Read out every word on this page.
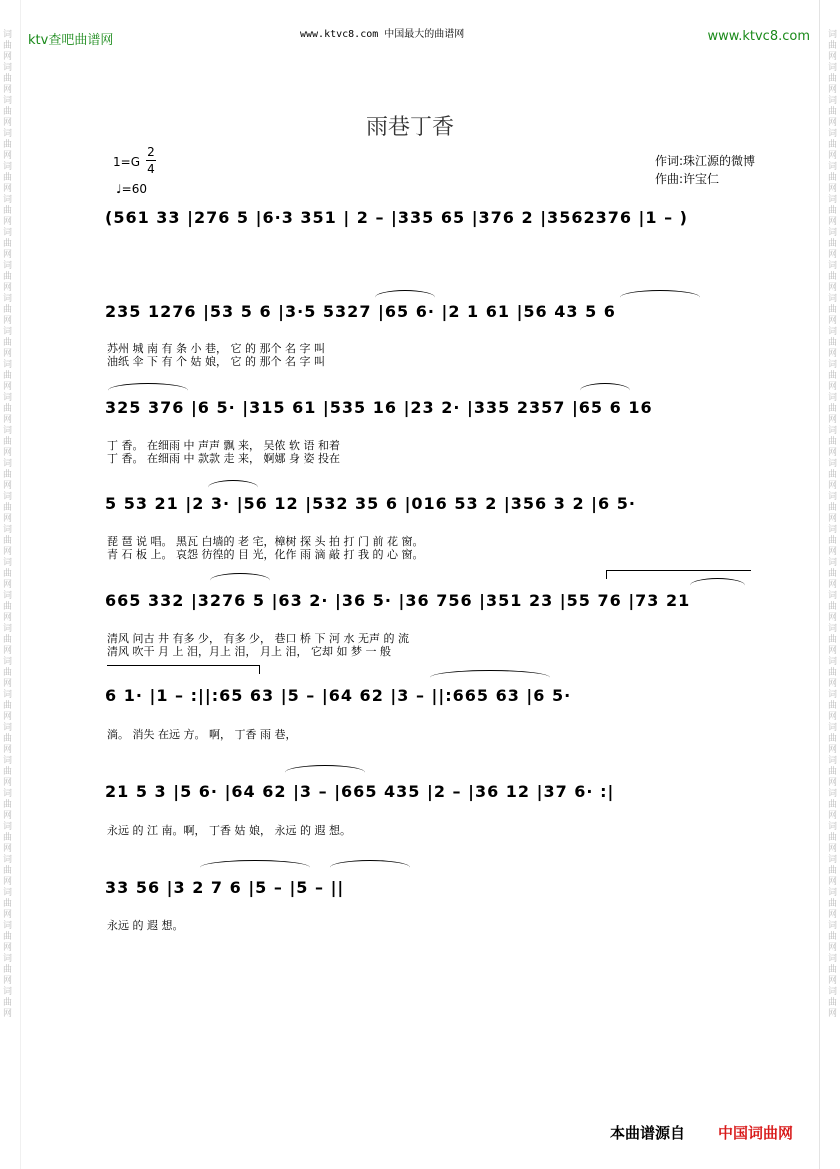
词曲网词曲网词曲网词曲网词曲网词曲网词曲网词曲网词曲网词曲网词曲网词曲网词曲网词曲网词曲网词曲网词曲网词曲网词曲网词曲网词曲网词曲网词曲网词曲网词曲网词曲网词曲网词曲网词曲网词曲网
词曲网词曲网词曲网词曲网词曲网词曲网词曲网词曲网词曲网词曲网词曲网词曲网词曲网词曲网词曲网词曲网词曲网词曲网词曲网词曲网词曲网词曲网词曲网词曲网词曲网词曲网词曲网词曲网词曲网词曲网
ktv查吧曲谱网	www.ktvc8.com 中国最大的曲谱网	www.ktvc8.com
雨巷丁香
1=G
2
4
♩=60
作词:珠江源的微博
作曲:许宝仁
(561 33 |276 5 |6·3 351 | 2 – |335 65 |376 2 |3562376 |1 – )
235 1276 |53 5 6 |3·5 5327 |65 6· |2 1 61 |56 43 5 6
苏州 城 南 有 条 小 巷， 它 的 那个 名 字 叫
油纸 伞 下 有 个 姑 娘， 它 的 那个 名 字 叫
325 376 |6 5· |315 61 |535 16 |23 2· |335 2357 |65 6 16
丁 香。 在细雨 中 声声 飘 来， 吴侬 软 语 和着
丁 香。 在细雨 中 款款 走 来， 婀娜 身 姿 投在
5 53 21 |2 3· |56 12 |532 35 6 |016 53 2 |356 3 2 |6 5·
琵 琶 说 唱。 黑瓦 白墙的 老 宅，樟树 探 头 拍 打 门 前 花 窗。
青 石 板 上。 哀怨 彷徨的 目 光，化作 雨 滴 敲 打 我 的 心 窗。
665 332 |3276 5 |63 2· |36 5· |36 756 |351 23 |55 76 |73 21
清风 问古 井 有多 少， 有多 少， 巷口 桥 下 河 水 无声 的 流
清风 吹干 月 上 泪，月上 泪， 月上 泪， 它却 如 梦 一 般
6 1· |1 – :||:65 63 |5 – |64 62 |3 – ||:665 63 |6 5·
淌。 消失 在远 方。 啊， 丁香 雨 巷，
21 5 3 |5 6· |64 62 |3 – |665 435 |2 – |36 12 |37 6· :|
永远 的 江 南。啊， 丁香 姑 娘， 永远 的 遐 想。
33 56 |3 2 7 6 |5 – |5 – ||
永远 的 遐 想。
本曲谱源自 中国词曲网
